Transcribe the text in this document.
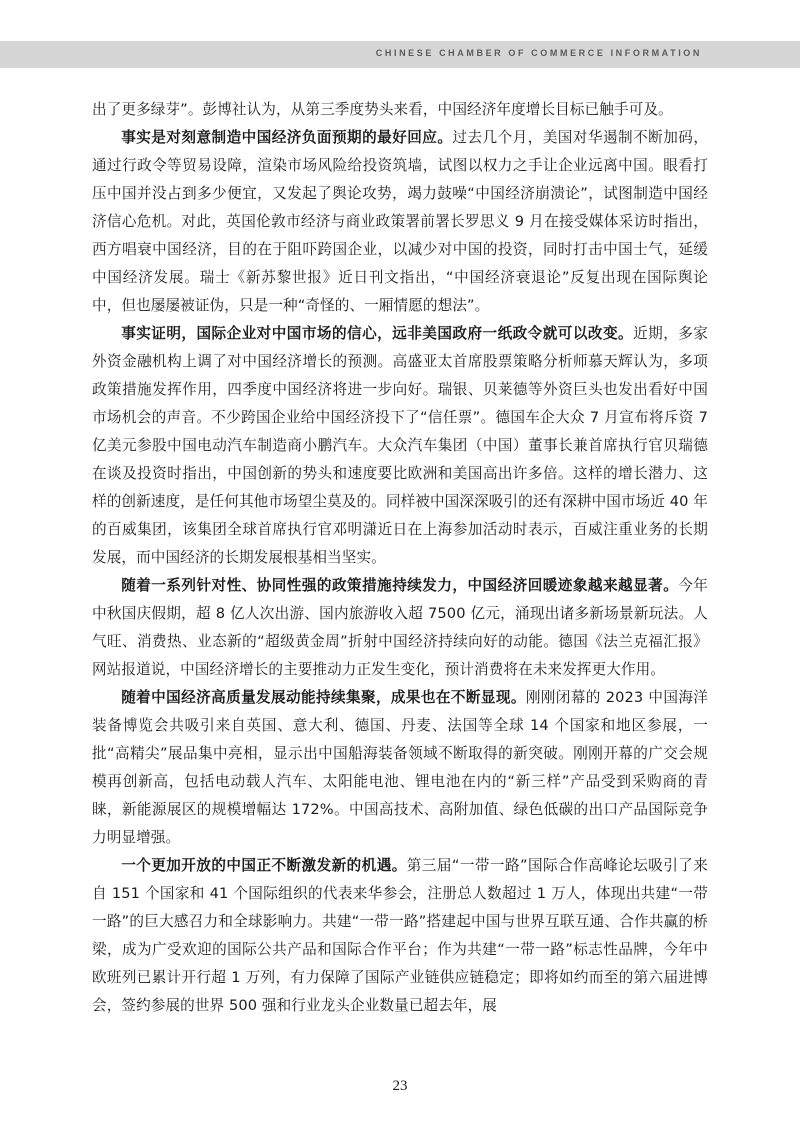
CHINESE CHAMBER OF COMMERCE INFORMATION

出了更多绿芽”。彭博社认为，从第三季度势头来看，中国经济年度增长目标已触手可及。

事实是对刻意制造中国经济负面预期的最好回应。过去几个月，美国对华遏制不断加码，通过行政令等贸易设障，渲染市场风险给投资筑墙，试图以权力之手让企业远离中国。眼看打压中国并没占到多少便宜，又发起了舆论攻势，竭力鼓噪“中国经济崩溃论”，试图制造中国经济信心危机。对此，英国伦敦市经济与商业政策署前署长罗思义 9 月在接受媒体采访时指出，西方唱衰中国经济，目的在于阻吓跨国企业，以减少对中国的投资，同时打击中国士气，延缓中国经济发展。瑞士《新苏黎世报》近日刊文指出，“中国经济衰退论”反复出现在国际舆论中，但也屡屡被证伪，只是一种“奇怪的、一厢情愿的想法”。

事实证明，国际企业对中国市场的信心，远非美国政府一纸政令就可以改变。近期，多家外资金融机构上调了对中国经济增长的预测。高盛亚太首席股票策略分析师慕天辉认为，多项政策措施发挥作用，四季度中国经济将进一步向好。瑞银、贝莱德等外资巨头也发出看好中国市场机会的声音。不少跨国企业给中国经济投下了“信任票”。德国车企大众 7 月宣布将斥资 7 亿美元参股中国电动汽车制造商小鹏汽车。大众汽车集团（中国）董事长兼首席执行官贝瑞德在谈及投资时指出，中国创新的势头和速度要比欧洲和美国高出许多倍。这样的增长潜力、这样的创新速度，是任何其他市场望尘莫及的。同样被中国深深吸引的还有深耕中国市场近 40 年的百威集团，该集团全球首席执行官邓明潇近日在上海参加活动时表示，百威注重业务的长期发展，而中国经济的长期发展根基相当坚实。

随着一系列针对性、协同性强的政策措施持续发力，中国经济回暖迹象越来越显著。今年中秋国庆假期，超 8 亿人次出游、国内旅游收入超 7500 亿元，涌现出诸多新场景新玩法。人气旺、消费热、业态新的“超级黄金周”折射中国经济持续向好的动能。德国《法兰克福汇报》网站报道说，中国经济增长的主要推动力正发生变化，预计消费将在未来发挥更大作用。

随着中国经济高质量发展动能持续集聚，成果也在不断显现。刚刚闭幕的 2023 中国海洋装备博览会共吸引来自英国、意大利、德国、丹麦、法国等全球 14 个国家和地区参展，一批“高精尖”展品集中亮相，显示出中国船海装备领域不断取得的新突破。刚刚开幕的广交会规模再创新高，包括电动载人汽车、太阳能电池、锂电池在内的“新三样”产品受到采购商的青睐，新能源展区的规模增幅达 172%。中国高技术、高附加值、绿色低碳的出口产品国际竞争力明显增强。

一个更加开放的中国正不断激发新的机遇。第三届“一带一路”国际合作高峰论坛吸引了来自 151 个国家和 41 个国际组织的代表来华参会，注册总人数超过 1 万人，体现出共建“一带一路”的巨大感召力和全球影响力。共建“一带一路”搭建起中国与世界互联互通、合作共赢的桥梁，成为广受欢迎的国际公共产品和国际合作平台；作为共建“一带一路”标志性品牌，今年中欧班列已累计开行超 1 万列，有力保障了国际产业链供应链稳定；即将如约而至的第六届进博会，签约参展的世界 500 强和行业龙头企业数量已超去年，展

23
